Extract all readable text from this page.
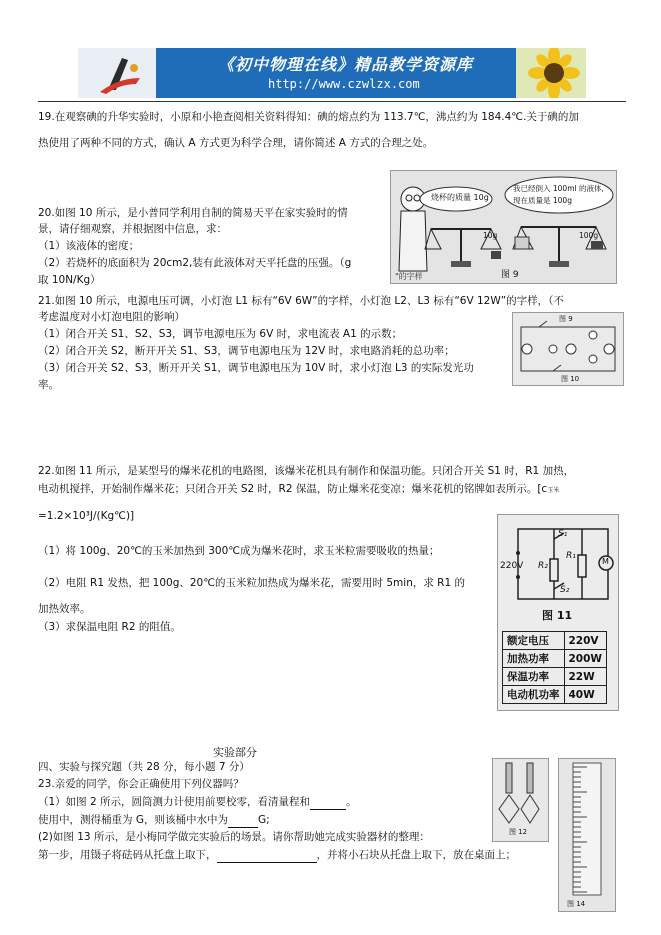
《初中物理在线》精品教学资源库
http://www.czwlzx.com
19.在观察碘的升华实验时，小原和小艳查阅相关资料得知：碘的熔点约为 113.7℃，沸点约为 184.4℃.关于碘的加
热使用了两种不同的方式，确认 A 方式更为科学合理，请你简述 A 方式的合理之处。
20.如图 10 所示，是小普同学利用自制的简易天平在家实验时的情
景，请仔细观察，并根据图中信息，求：
（1）该液体的密度；
（2）若烧杯的底面积为 20cm2,装有此液体对天平托盘的压强。（g
取 10N/Kg）
烧杯的质量 10g
我已经倒入 100ml 的液体,
现在质量是 100g
10g	100g
图 9
"的字样
21.如图 10 所示，电源电压可调，小灯泡 L1 标有“6V 6W”的字样，小灯泡 L2、L3 标有“6V 12W”的字样，（不
考虑温度对小灯泡电阻的影响）
（1）闭合开关 S1、S2、S3，调节电源电压为 6V 时，求电流表 A1 的示数；
（2）闭合开关 S2，断开开关 S1、S3，调节电源电压为 12V 时，求电路消耗的总功率；
（3）闭合开关 S2、S3，断开开关 S1，调节电源电压为 10V 时，求小灯泡 L3 的实际发光功
率。
图 9
图 10
22.如图 11 所示，是某型号的爆米花机的电路图，该爆米花机具有制作和保温功能。只闭合开关 S1 时，R1 加热，
电动机搅拌，开始制作爆米花；只闭合开关 S2 时，R2 保温，防止爆米花变凉；爆米花机的铭牌如表所示。[c玉米
=1.2×10³J/(Kg℃)]
（1）将 100g、20℃的玉米加热到 300℃成为爆米花时，求玉米粒需要吸收的热量；
（2）电阻 R1 发热，把 100g、20℃的玉米粒加热成为爆米花，需要用时 5min，求 R1 的
加热效率。
（3）求保温电阻 R2 的阻值。
S₁
S₂
R₂
R₁
M
220V
图 11
额定电压	220V
加热功率	200W
保温功率	22W
电动机功率	40W
实验部分
四、实验与探究题（共 28 分，每小题 7 分）
23.亲爱的同学，你会正确使用下列仪器吗？
（1）如图 2 所示，圆筒测力计使用前要校零，看清量程和	。
使用中，测得桶重为 G，则该桶中水中为	G;
(2)如图 13 所示，是小梅同学做完实验后的场景。请你帮助她完成实验器材的整理：
第一步，用镊子将砝码从托盘上取下，	，并将小石块从托盘上取下，放在桌面上；
图 12
图 14
